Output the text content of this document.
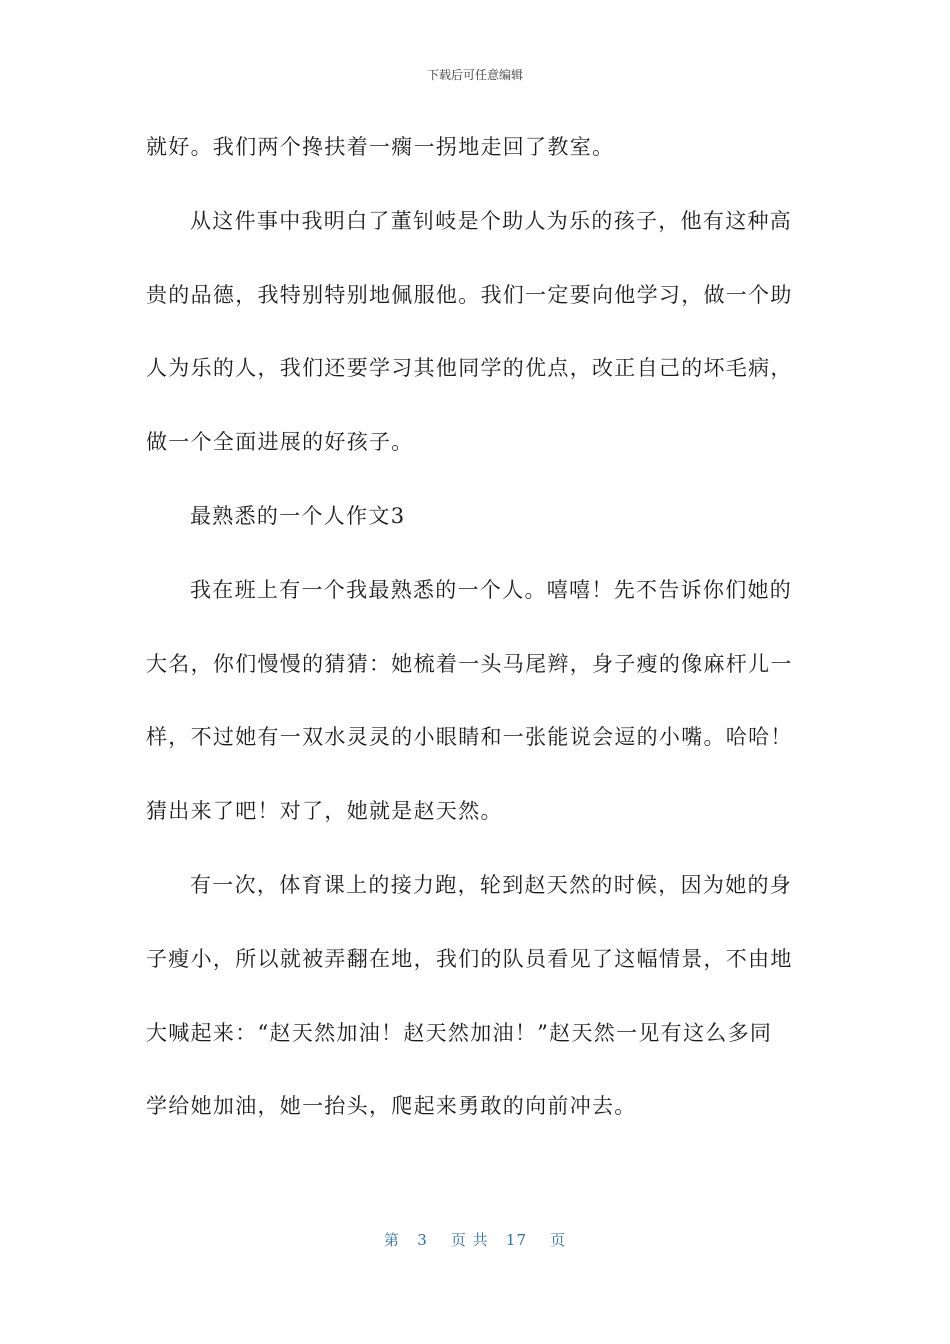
下载后可任意编辑
就好。我们两个搀扶着一瘸一拐地走回了教室。
从这件事中我明白了董钊岐是个助人为乐的孩子，他有这种高
贵的品德，我特别特别地佩服他。我们一定要向他学习，做一个助
人为乐的人，我们还要学习其他同学的优点，改正自己的坏毛病，
做一个全面进展的好孩子。
最熟悉的一个人作文3
我在班上有一个我最熟悉的一个人。嘻嘻！先不告诉你们她的
大名，你们慢慢的猜猜：她梳着一头马尾辫，身子瘦的像麻杆儿一
样，不过她有一双水灵灵的小眼睛和一张能说会逗的小嘴。哈哈！
猜出来了吧！对了，她就是赵天然。
有一次，体育课上的接力跑，轮到赵天然的时候，因为她的身
子瘦小，所以就被弄翻在地，我们的队员看见了这幅情景，不由地
大喊起来：“赵天然加油！赵天然加油！”赵天然一见有这么多同
学给她加油，她一抬头，爬起来勇敢的向前冲去。
第 3 页 共 17 页
